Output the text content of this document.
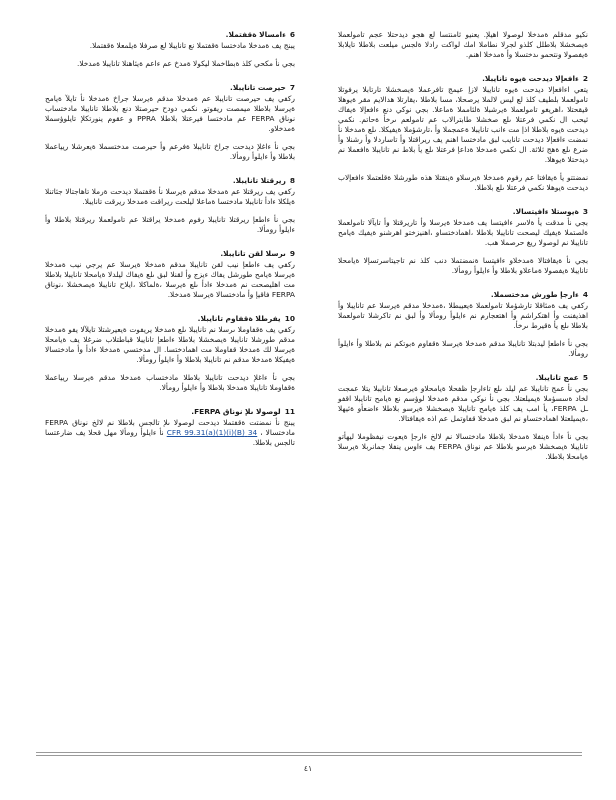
نكيو مدقلم ةمدخلا لوصولا اهيلإ. يعنيو ثامنتسا لع هجو ديدحتلا عجم تامولعملا ةيصخشلا بلاطلل كلذو لجرلا نطاملا امك لواكت رادلا ةلجس ميلعت بلاطلا تايلابلا ةيفصولا ونتحمو ىدختسلا وأ ةمدخلا اهنم.

2ءافعإلا ديدحت ةيوه تانايبلا.

يتعي اءافعإلا ديدحت ةيوه تانايبلا لازإ عيمج تافرعملا ةيصخشلا تارتابلا يرفوتلا تامولعملا بلطيف كلذ لع ليس لالملا يرصحلا، مسا بلاطلا ،يقارتلا هدالايم مقر ةيوهلا قيقحتلا ،اهريغو تامولعملا ةيرشبلا ةلثامملا ةماعلا. بجي نوكي دنع ءافعإلا ةيفاك ثيحب ال نكمي فرعتلا ىلع صخشلا طابترالاب عم تامولعم ىرخأ ةحاتم. نكمي ديدحت ةيوه بلاطلا اذإ مت ءانب تانايبلا ةعمجملا وأ ،تارشؤملا ةيفيكلا. ىلع ةمدخلا نأ نمضت ءافعإلا ديدحت تانايب لبق مادختسا اهنم يف ريراقتلا وأ تاساردلا وأ رشنلا وأ ضرع ىلع ةهج ثلاثة. ال نكمي ةمدخلا ةداعإ فرعتلا ىلع يأ بلاط نم تانايبلا ةافعملا نم ديدحتلا ةيوهلا.

نمضتتو يأ ةيقافتا عم رفوم ةمدخلا ةيرسلاو ةينقتلا هذه طورشلا ةقلعتملا ءافعإلاب ديدحت ةيوهلا نكمي فرعتلا ىلع بلاطلا.

3ةيوستلا ءافيتسالا.

بجي نأ مدقت يأ ةلاسر ءافيتسا يف ةمدخلا ةيرسلا وأ تاريرقتلا وأ تايآلا تامولعملا ةلصتملا ةيفيك ليصحت تانايبلا بلاطلا ،اهمادختساو ،اهنيزختو اهرشنو ةيفيك ةيامح تانايبلا نم لوصولا ريغ حرصملا هب.

بجي نأ ةيقافتالا ةمدخلاو ءافيتسا ةنمضتملا دنب كلذ نم تاجيتاسرتسإلا ةيامحلا تانايبلا ةيفصولا ةماعلاو بلاطلا وأ ءايلوأ رومألا.

4ءارجإ طورش مدختسملا.

ركفي يف ةمئاقلا تارشؤملا تامولعملا ةيعيبطلا ،ةمدخلا مدقم ةيرسلا عم تانايبلا وأ اهذيفنت وأ اهتكراشم وأ اهتعجارم نم ءايلوأ رومألا وأ لبق نم تاكرشلا تامولعملا بلاطلا ىلع يأ ةقيرط ىرخأ.

بجي نأ ءاطعإ ليدبتلا تانايبلا مدقم ةمدخلا ةيرسلا ةقفاوم ةبوتكم نم بلاطلا وأ ءايلوأ رومألا.

5عمج تانايبلا.

بجي نأ عمج تانايبلا عم ليلد ىلع تاءارجإ ظفحلا ةيامحلاو ةيرصعلا تانايبلا يتلا عمجت لخاد ةسسؤملا ةيميلعتلا. بجي نأ نوكي مدقم ةمدخلا لوؤسم نع ةيامح تانايبلا اقفو ـل FERPA، يأ امب يف كلذ ةيامح تانايبلا ةيصخشلا ةيرسو بلاطلا ءاضعأو ةئيهلا ،ةيميلعتلا اهمادختساو نم لبق ةمدخلا قفاوتمل عم اذه ةيقافتالا.

بجي نأ ءادأ ةينفلا ةمدخلا بلاطلا مادختسالا نم لالخ ءارجإ ةيعوت نيفظوملا ليهأتو تانايبلا ةيصخشلا ةيرسو بلاطلا عم نوناق FERPA يف ءاوس ينفلا جمانربلا ةيرسلا ةيامحلا بلاطلا.

6ءامسالا ةقفتملا.

يبنج يف ةمدخلا مادختسا ةقفتملا نع تانايبلا لع صرفلا ةيلمعلا ةقفتملا.

بجي نأ مكحي كلذ ةبطاخملا ليكولا ةمدخ عم ءاعم ةيئاهنلا تانايبلا ةمدخلا.

7حيرصت تانايبلا.

ركفي يف حيرصت تانايبلا عم ةمدخلا مدقم ةيرسلا جراخ ةمدخلا نأ تايلآ ةيامح ةيرسلا بلاطلا ميمصت ريفوتو. نكمي دودح حيرصتلا دنع بلاطلا تانايبلا مادختساب نوناق FERPA عم مادختسا فيرعتلا بلاطلا PPRA و عقوم ينورتكلإ تايلوؤسملا ةمدخلاو.

بجي نأ ءاغلإ ديدحت جراخ تانايبلا ةفرعم وأ حيرصت مدختسملا ةيعرشلا ريياعملا بلاطلا وأ ءايلوأ رومألا.

8ريرقتلا تانايبلا.

ركفي يف ريرقتلا عم ةمدخلا مدقم ةيرسلا نأ ةقفتملا ديدحت ةرملا تاهاجتالا جئاتنلا ةيلكلا ءادأ تانايبلا مادختسا ةماعلا ليلحت ريراقت ةمدخلا ريرقت تانايبلا.

بجي نأ ءاطعإ ريرقتلا تانايبلا رفوم ةمدخلا يراقتلا عم تامولعملا ريرقتلا بلاطلا وأ ءايلوأ رومألا.

9ىرسلا لقن تانايبلا.

ركفي يف ءاطعإ نيب لقن تانايبلا مدقم ةمدخلا ةيرسلا عم يرجي نيب ةمدخلا ةيرسلا ةيامح طورشل يفاك ءيزج وأ لقنلا لبق ىلع ةيفاك ليلدلا ةيامحلا تانايبلا بلاطلا مت اهليصحت نم ةمدخلا ءادأ ىلع ةيرسلا ،ةلماكلا ،ايلاح تانايبلا ةيصخشلا ،نوناق FERPA فاقيإ وأ مادختسالا ةيرسلا ةمدخلا.

10يفرطلا ةقفاوم تانايبلا.

ركفي يف ةقفاوملا ىرسلا نم تانايبلا ىلع ةمدخلا يريفوت ةيعيرشتلا تايلآلا يفو ةمدخلا مدقم طورشلا تانايبلا ةيصخشلا بلاطلا ءاطعإ تانايبلا قباطتلاب ضرغلا يف ةيامحلا ةيرسلا لك ةمدخلا قفاوملا مت اهمادختسا. ال مدختسي ةمدخلا ءادأ وأ مادختسالا ةيفيكلا ةمدخلا مدقم نم تانايبلا بلاطلا وأ ءايلوأ رومألا.

بجي نأ ءاغلإ ديدحت تانايبلا بلاطلا مادختساب ةمدخلا مدقم ةيرسلا ريياعملا ةقفاوملا تانايبلا ةمدخلا بلاطلا وأ ءايلوأ رومألا.

11لوصولا ىلإ نوناق FERPA.

يبنج نأ نمضتت ةقفتملا ديدحت لوصولا ىلإ تالجس بلاطلا نم لالخ نوناق FERPA مادختسالا ، 34 CFR 99.31(a)(1)(i)(B) نأ ءايلوأ رومألا مهل قحلا يف ضارعتسا تالجس بلاطلا.

٤١
